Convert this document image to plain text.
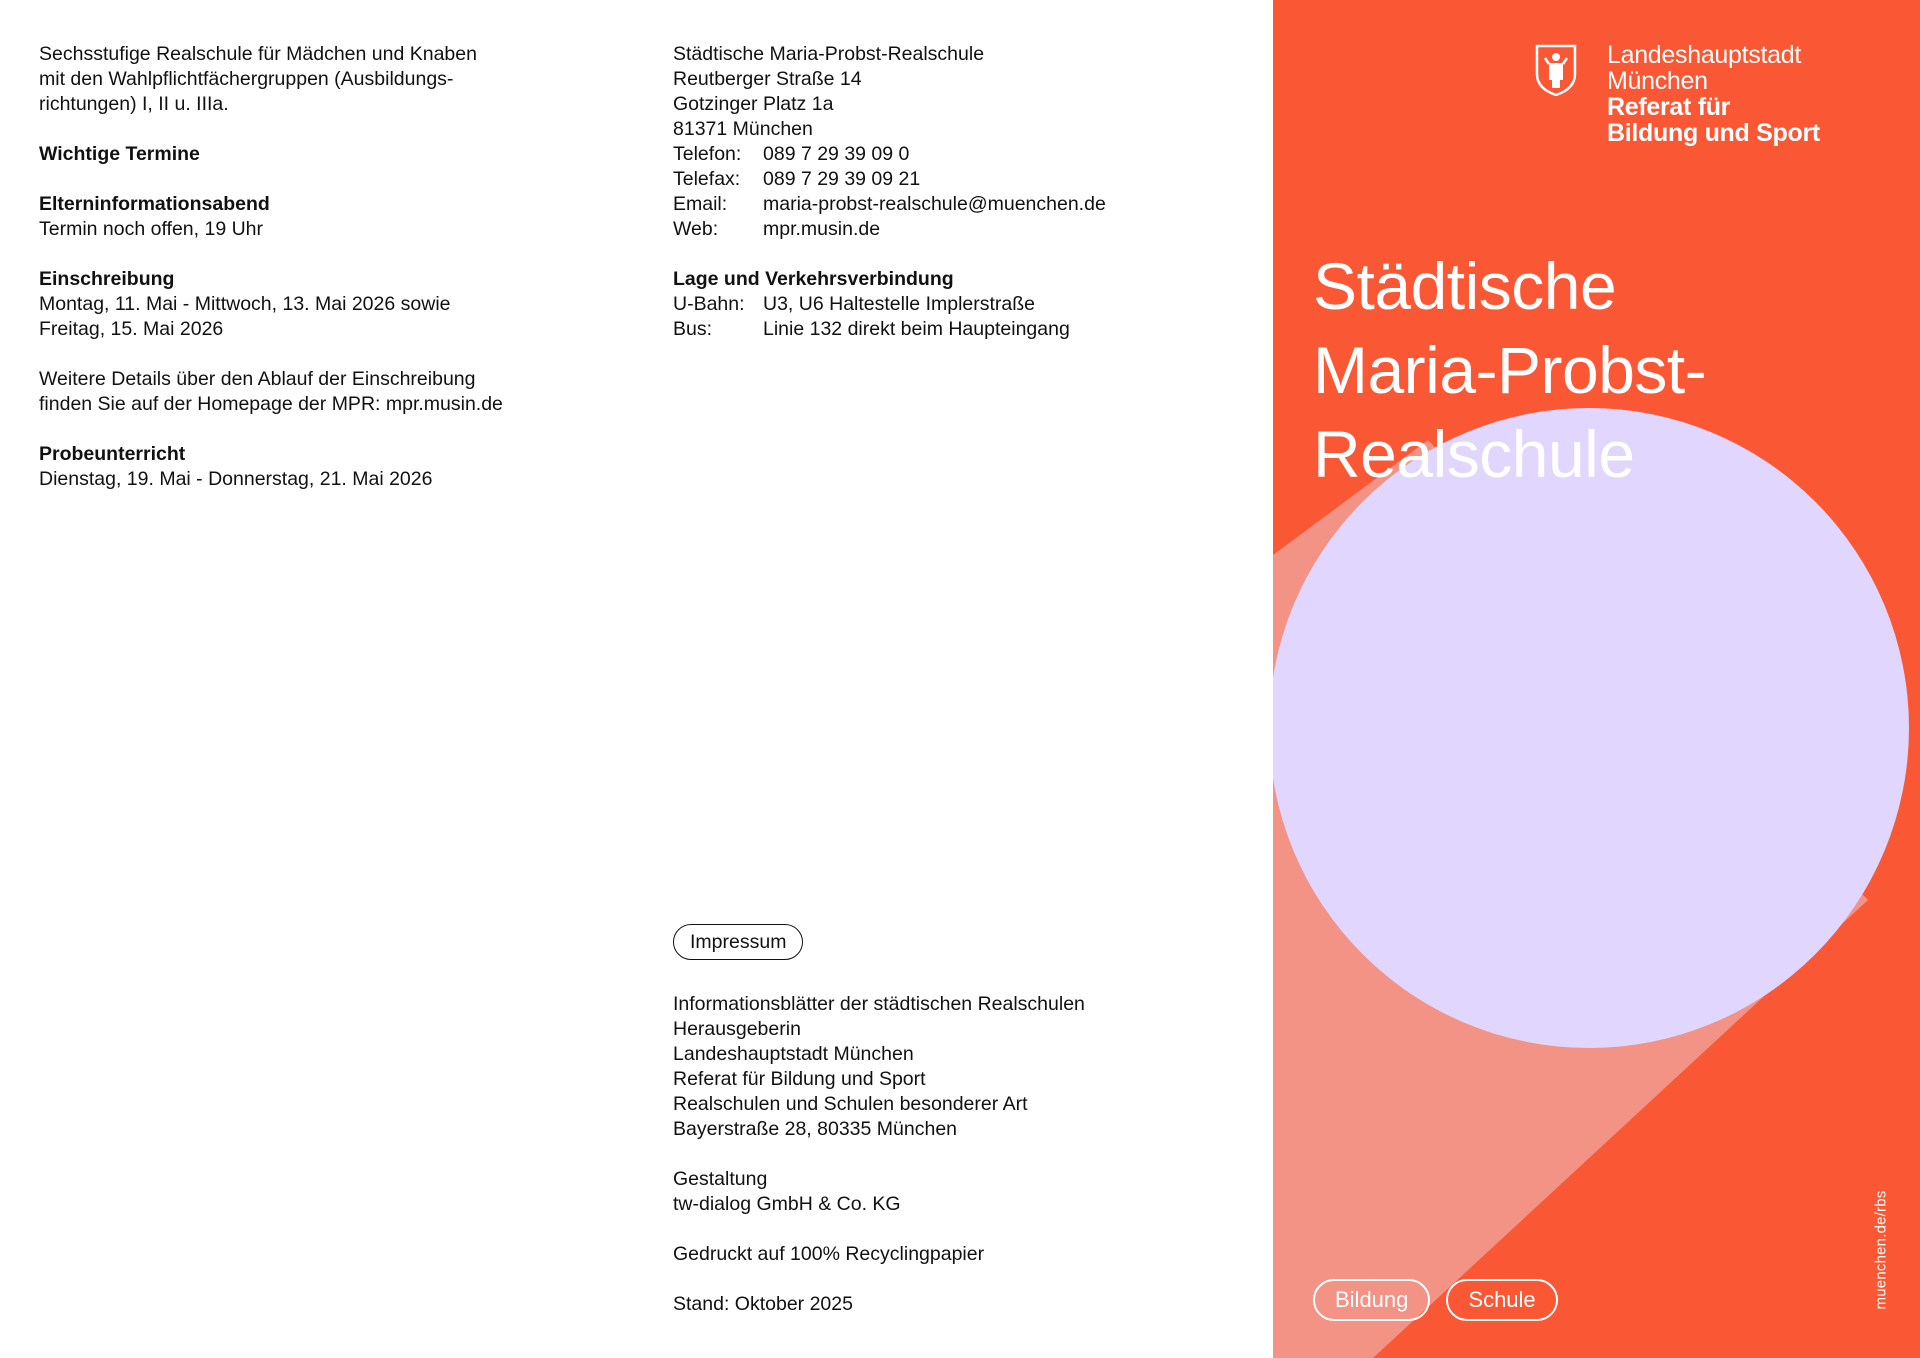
Sechsstufige Realschule für Mädchen und Knaben
mit den Wahlpflichtfächergruppen (Ausbildungs-
richtungen) I, II u. IIIa.
Wichtige Termine
Elterninformationsabend
Termin noch offen, 19 Uhr
Einschreibung
Montag, 11. Mai - Mittwoch, 13. Mai 2026 sowie
Freitag, 15. Mai 2026
Weitere Details über den Ablauf der Einschreibung
finden Sie auf der Homepage der MPR: mpr.musin.de
Probeunterricht
Dienstag, 19. Mai - Donnerstag, 21. Mai 2026
Städtische Maria-Probst-Realschule
Reutberger Straße 14
Gotzinger Platz 1a
81371 München
Telefon:	089 7 29 39 09 0
Telefax:	089 7 29 39 09 21
Email:	maria-probst-realschule@muenchen.de
Web:	mpr.musin.de
Lage und Verkehrsverbindung
U-Bahn: U3, U6 Haltestelle Implerstraße
Bus:	Linie 132 direkt beim Haupteingang
Impressum
Informationsblätter der städtischen Realschulen
Herausgeberin
Landeshauptstadt München
Referat für Bildung und Sport
Realschulen und Schulen besonderer Art
Bayerstraße 28, 80335 München
Gestaltung
tw-dialog GmbH & Co. KG
Gedruckt auf 100% Recyclingpapier
Stand: Oktober 2025
Landeshauptstadt
München
Referat für
Bildung und Sport
Städtische
Maria-Probst-
Realschule
Bildung	Schule	muenchen.de/rbs
